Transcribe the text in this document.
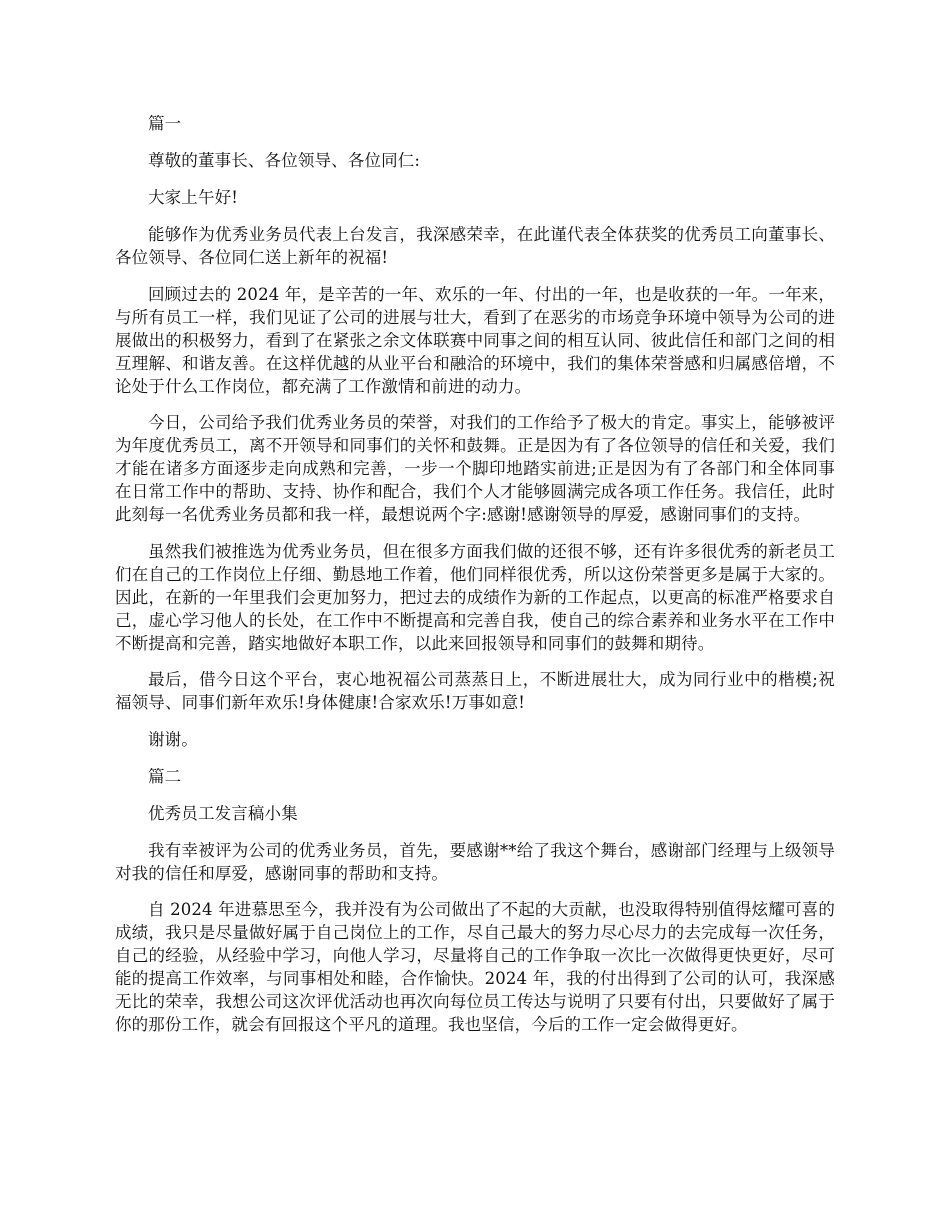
篇一

尊敬的董事长、各位领导、各位同仁:

大家上午好!

能够作为优秀业务员代表上台发言，我深感荣幸，在此谨代表全体获奖的优秀员工向董事长、各位领导、各位同仁送上新年的祝福!

回顾过去的 2024 年，是辛苦的一年、欢乐的一年、付出的一年，也是收获的一年。一年来，与所有员工一样，我们见证了公司的进展与壮大，看到了在恶劣的市场竞争环境中领导为公司的进展做出的积极努力，看到了在紧张之余文体联赛中同事之间的相互认同、彼此信任和部门之间的相互理解、和谐友善。在这样优越的从业平台和融洽的环境中，我们的集体荣誉感和归属感倍增，不论处于什么工作岗位，都充满了工作激情和前进的动力。

今日，公司给予我们优秀业务员的荣誉，对我们的工作给予了极大的肯定。事实上，能够被评为年度优秀员工，离不开领导和同事们的关怀和鼓舞。正是因为有了各位领导的信任和关爱，我们才能在诸多方面逐步走向成熟和完善，一步一个脚印地踏实前进;正是因为有了各部门和全体同事在日常工作中的帮助、支持、协作和配合，我们个人才能够圆满完成各项工作任务。我信任，此时此刻每一名优秀业务员都和我一样，最想说两个字:感谢!感谢领导的厚爱，感谢同事们的支持。

虽然我们被推选为优秀业务员，但在很多方面我们做的还很不够，还有许多很优秀的新老员工们在自己的工作岗位上仔细、勤恳地工作着，他们同样很优秀，所以这份荣誉更多是属于大家的。因此，在新的一年里我们会更加努力，把过去的成绩作为新的工作起点，以更高的标准严格要求自己，虚心学习他人的长处，在工作中不断提高和完善自我，使自己的综合素养和业务水平在工作中不断提高和完善，踏实地做好本职工作，以此来回报领导和同事们的鼓舞和期待。

最后，借今日这个平台，衷心地祝福公司蒸蒸日上，不断进展壮大，成为同行业中的楷模;祝福领导、同事们新年欢乐!身体健康!合家欢乐!万事如意!

谢谢。

篇二

优秀员工发言稿小集

我有幸被评为公司的优秀业务员，首先，要感谢**给了我这个舞台，感谢部门经理与上级领导对我的信任和厚爱，感谢同事的帮助和支持。

自 2024 年进慕思至今，我并没有为公司做出了不起的大贡献，也没取得特别值得炫耀可喜的成绩，我只是尽量做好属于自己岗位上的工作，尽自己最大的努力尽心尽力的去完成每一次任务，自己的经验，从经验中学习，向他人学习，尽量将自己的工作争取一次比一次做得更快更好，尽可能的提高工作效率，与同事相处和睦，合作愉快。2024 年，我的付出得到了公司的认可，我深感无比的荣幸，我想公司这次评优活动也再次向每位员工传达与说明了只要有付出，只要做好了属于你的那份工作，就会有回报这个平凡的道理。我也坚信，今后的工作一定会做得更好。
